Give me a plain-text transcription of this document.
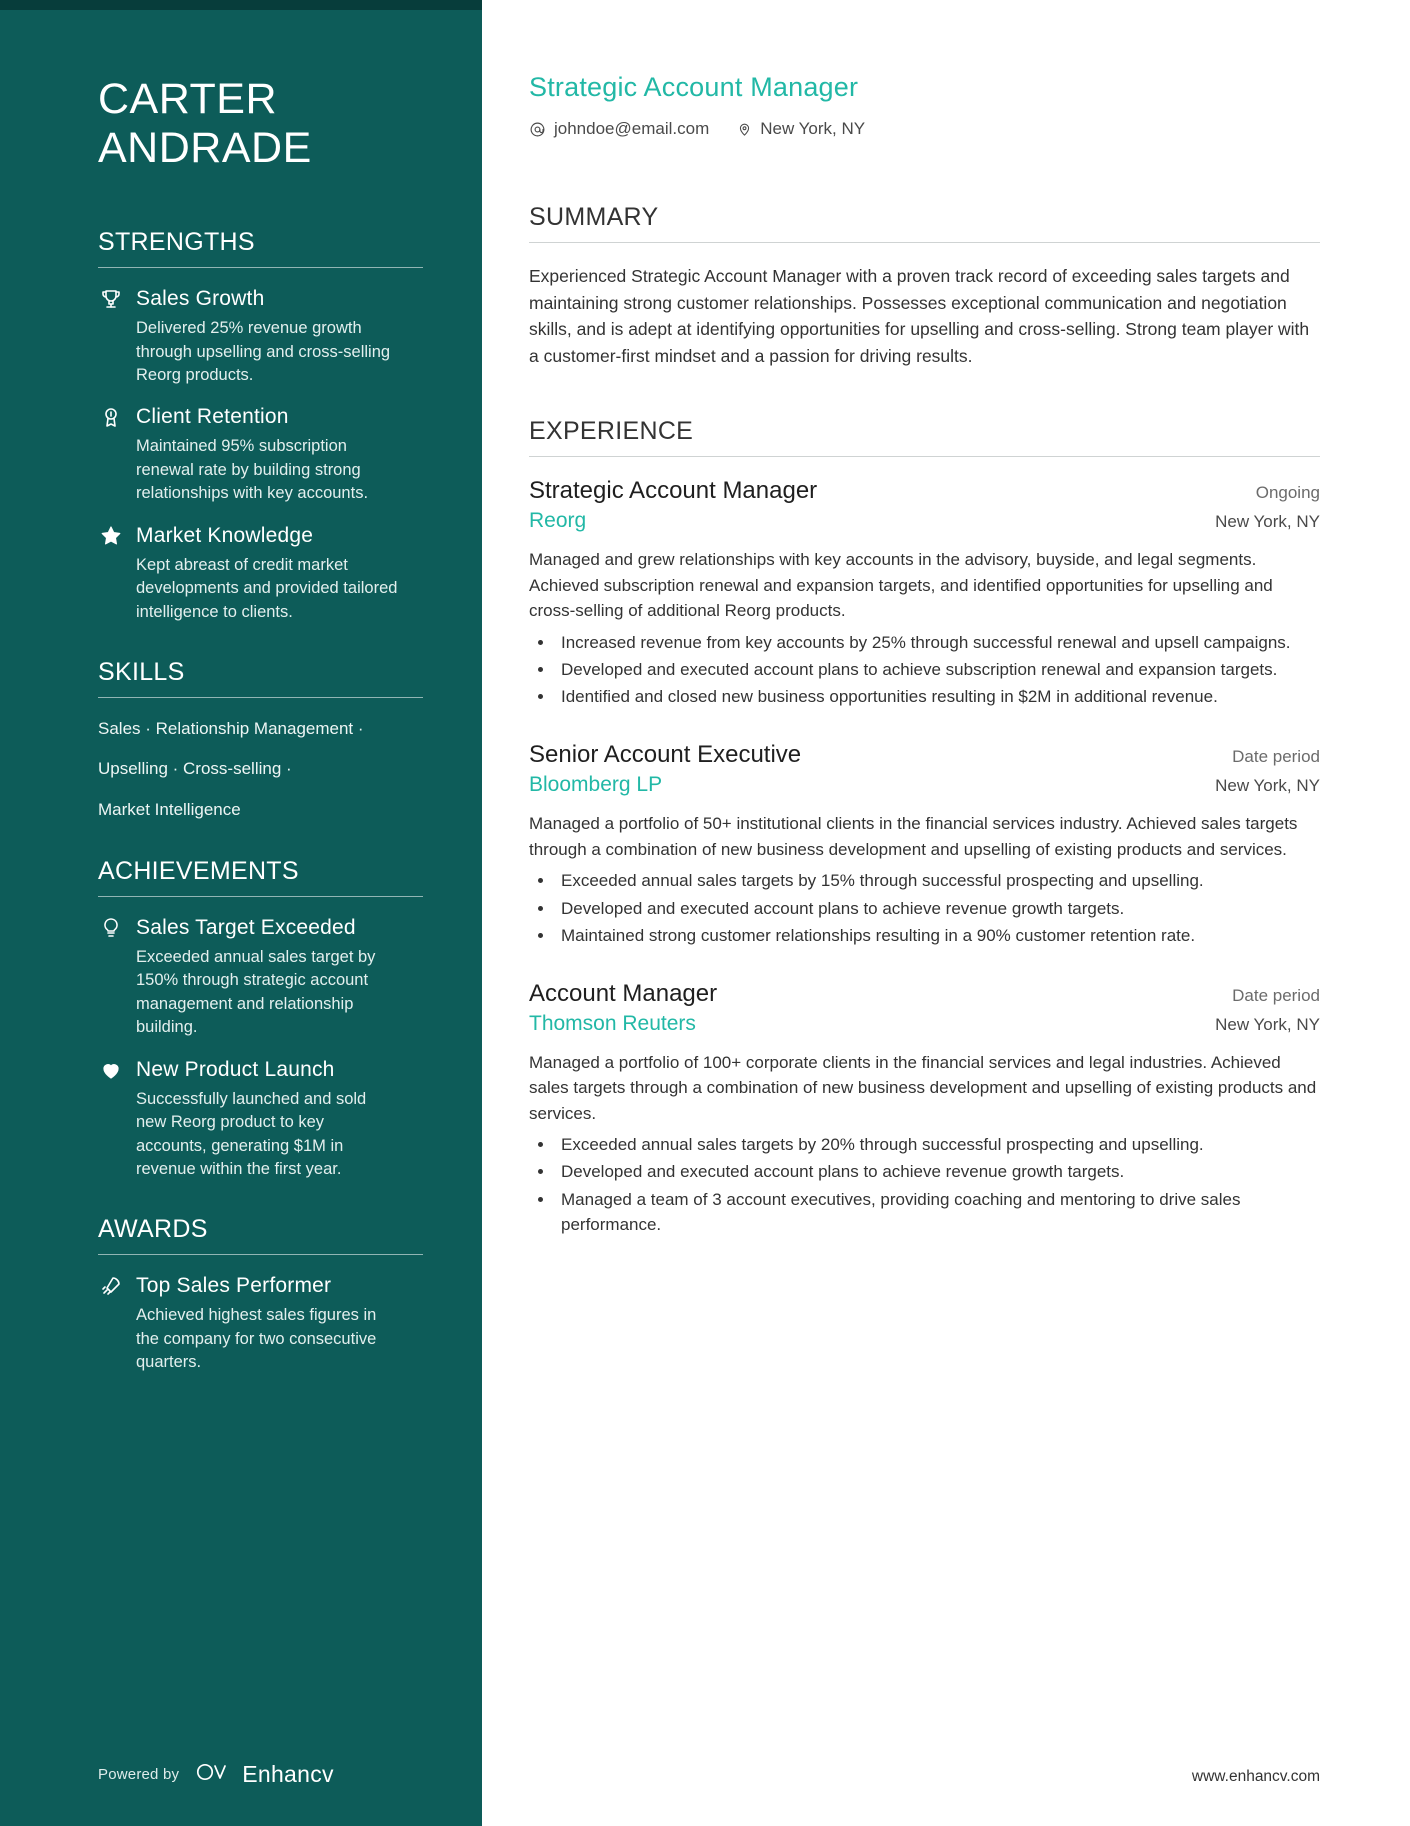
CARTER ANDRADE
STRENGTHS
Sales Growth
Delivered 25% revenue growth through upselling and cross-selling Reorg products.
Client Retention
Maintained 95% subscription renewal rate by building strong relationships with key accounts.
Market Knowledge
Kept abreast of credit market developments and provided tailored intelligence to clients.
SKILLS
Sales · Relationship Management ·
Upselling · Cross-selling ·
Market Intelligence
ACHIEVEMENTS
Sales Target Exceeded
Exceeded annual sales target by 150% through strategic account management and relationship building.
New Product Launch
Successfully launched and sold new Reorg product to key accounts, generating $1M in revenue within the first year.
AWARDS
Top Sales Performer
Achieved highest sales figures in the company for two consecutive quarters.
Powered by	Enhancv
Strategic Account Manager
johndoe@email.com	New York, NY
SUMMARY

Experienced Strategic Account Manager with a proven track record of exceeding sales targets and maintaining strong customer relationships. Possesses exceptional communication and negotiation skills, and is adept at identifying opportunities for upselling and cross-selling. Strong team player with a customer-first mindset and a passion for driving results.

EXPERIENCE
Strategic Account Manager	Ongoing
Reorg	New York, NY

Managed and grew relationships with key accounts in the advisory, buyside, and legal segments. Achieved subscription renewal and expansion targets, and identified opportunities for upselling and cross-selling of additional Reorg products.

• Increased revenue from key accounts by 25% through successful renewal and upsell campaigns.
• Developed and executed account plans to achieve subscription renewal and expansion targets.
• Identified and closed new business opportunities resulting in $2M in additional revenue.
Senior Account Executive	Date period
Bloomberg LP	New York, NY

Managed a portfolio of 50+ institutional clients in the financial services industry. Achieved sales targets through a combination of new business development and upselling of existing products and services.

• Exceeded annual sales targets by 15% through successful prospecting and upselling.
• Developed and executed account plans to achieve revenue growth targets.
• Maintained strong customer relationships resulting in a 90% customer retention rate.
Account Manager	Date period
Thomson Reuters	New York, NY

Managed a portfolio of 100+ corporate clients in the financial services and legal industries. Achieved sales targets through a combination of new business development and upselling of existing products and services.

• Exceeded annual sales targets by 20% through successful prospecting and upselling.
• Developed and executed account plans to achieve revenue growth targets.
• Managed a team of 3 account executives, providing coaching and mentoring to drive sales performance.
www.enhancv.com
